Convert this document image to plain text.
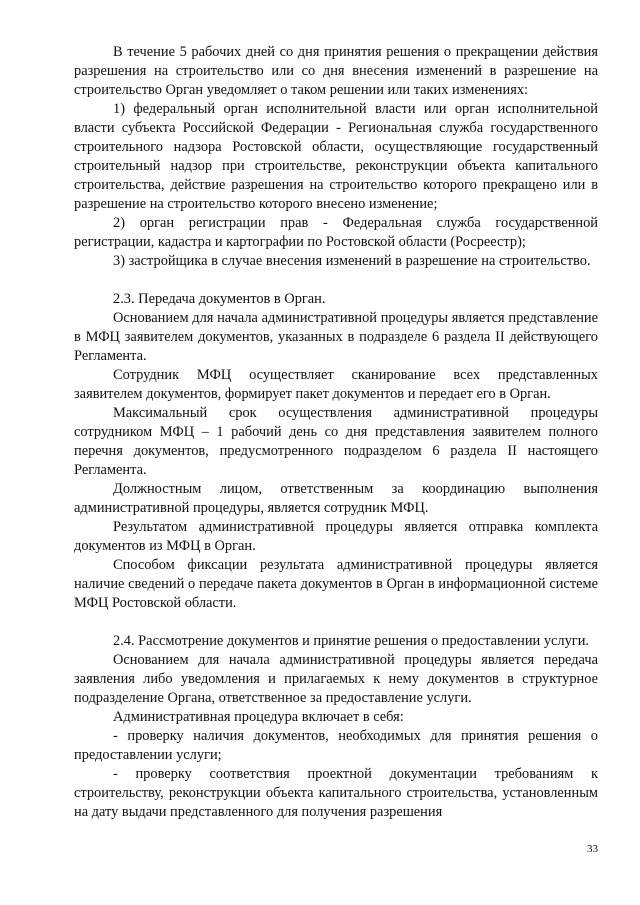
В течение 5 рабочих дней со дня принятия решения о прекращении действия разрешения на строительство или со дня внесения изменений в разрешение на строительство Орган уведомляет о таком решении или таких изменениях:

1) федеральный орган исполнительной власти или орган исполнительной власти субъекта Российской Федерации - Региональная служба государственного строительного надзора Ростовской области, осуществляющие государственный строительный надзор при строительстве, реконструкции объекта капитального строительства, действие разрешения на строительство которого прекращено или в разрешение на строительство которого внесено изменение;

2) орган регистрации прав - Федеральная служба государственной регистрации, кадастра и картографии по Ростовской области (Росреестр);

3) застройщика в случае внесения изменений в разрешение на строительство.

2.3. Передача документов в Орган.

Основанием для начала административной процедуры является представление в МФЦ заявителем документов, указанных в подразделе 6 раздела II действующего Регламента.

Сотрудник МФЦ осуществляет сканирование всех представленных заявителем документов, формирует пакет документов и передает его в Орган.

Максимальный срок осуществления административной процедуры сотрудником МФЦ – 1 рабочий день со дня представления заявителем полного перечня документов, предусмотренного подразделом 6 раздела II настоящего Регламента.

Должностным лицом, ответственным за координацию выполнения административной процедуры, является сотрудник МФЦ.

Результатом административной процедуры является отправка комплекта документов из МФЦ в Орган.

Способом фиксации результата административной процедуры является наличие сведений о передаче пакета документов в Орган в информационной системе МФЦ Ростовской области.

2.4. Рассмотрение документов и принятие решения о предоставлении услуги.

Основанием для начала административной процедуры является передача заявления либо уведомления и прилагаемых к нему документов в структурное подразделение Органа, ответственное за предоставление услуги.

Административная процедура включает в себя:

- проверку наличия документов, необходимых для принятия решения о предоставлении услуги;

- проверку соответствия проектной документации требованиям к строительству, реконструкции объекта капитального строительства, установленным на дату выдачи представленного для получения разрешения

33
